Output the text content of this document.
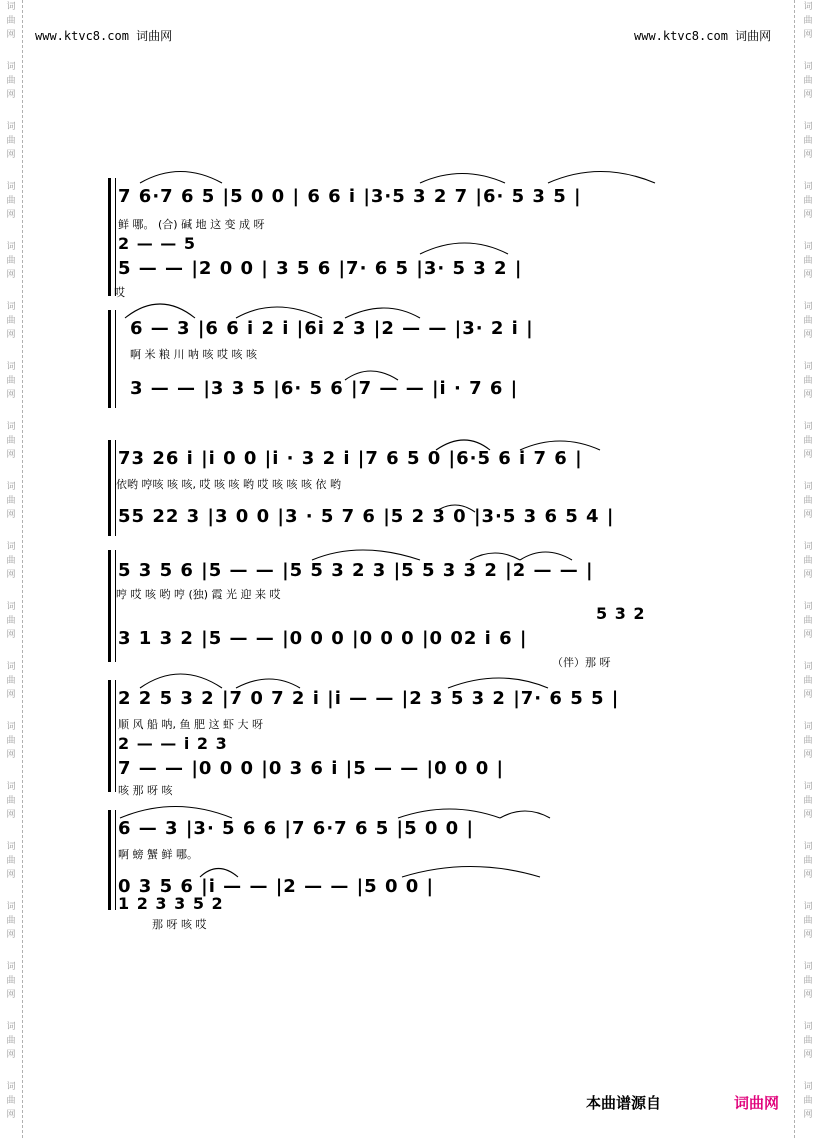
词
曲
网
词
曲
网
词
曲
网
词
曲
网
词
曲
网
词
曲
网
词
曲
网
词
曲
网
词
曲
网
词
曲
网
词
曲
网
词
曲
网
词
曲
网
词
曲
网
词
曲
网
词
曲
网
词
曲
网
词
曲
网
词
曲
网
词
曲
网
词
曲
网
词
曲
网
词
曲
网
词
曲
网
词
曲
网
词
曲
网
词
曲
网
词
曲
网
词
曲
网
词
曲
网
词
曲
网
词
曲
网
词
曲
网
词
曲
网
词
曲
网
词
曲
网
词
曲
网
词
曲
网
www.ktvc8.com 词曲网	www.ktvc8.com 词曲网
7 6·7 6 5 |5 0 0 | 6 6 i |3·5 3 2 7 |6· 5 3 5 |
鲜 哪。 (合) 碱 地 这 变 成 呀
2 — — 5
5 — — |2 0 0 | 3 5 6 |7· 6 5 |3· 5 3 2 |
哎
6 — 3 |6 6 i 2 i |6i 2 3 |2 — — |3· 2 i |
啊 米 粮 川 呐 咳 哎 咳 咳
3 — — |3 3 5 |6· 5 6 |7 — — |i · 7 6 |
73 26 i |i 0 0 |i · 3 2 i |7 6 5 0 |6·5 6 i 7 6 |
依哟 哼咳 咳 咳, 哎 咳 咳 哟 哎 咳 咳 咳 依 哟
55 22 3 |3 0 0 |3 · 5 7 6 |5 2 3 0 |3·5 3 6 5 4 |
5 3 5 6 |5 — — |5 5 3 2 3 |5 5 3 3 2 |2 — — |
哼 哎 咳 哟 哼 (独) 霞 光 迎 来 哎
5 3 2
3 1 3 2 |5 — — |0 0 0 |0 0 0 |0 02 i 6 |
（伴）那 呀
2 2 5 3 2 |7 0 7 2 i |i — — |2 3 5 3 2 |7· 6 5 5 |
顺 风 船 呐, 鱼 肥 这 虾 大 呀
2 — — i 2 3
7 — — |0 0 0 |0 3 6 i |5 — — |0 0 0 |
咳 那 呀 咳
6 — 3 |3· 5 6 6 |7 6·7 6 5 |5 0 0 |
啊 螃 蟹 鲜 哪。
0 3 5 6 |i — — |2 — — |5 0 0 |
1 2 3 3 5 2
那 呀 咳 哎
本曲谱源自	词曲网
